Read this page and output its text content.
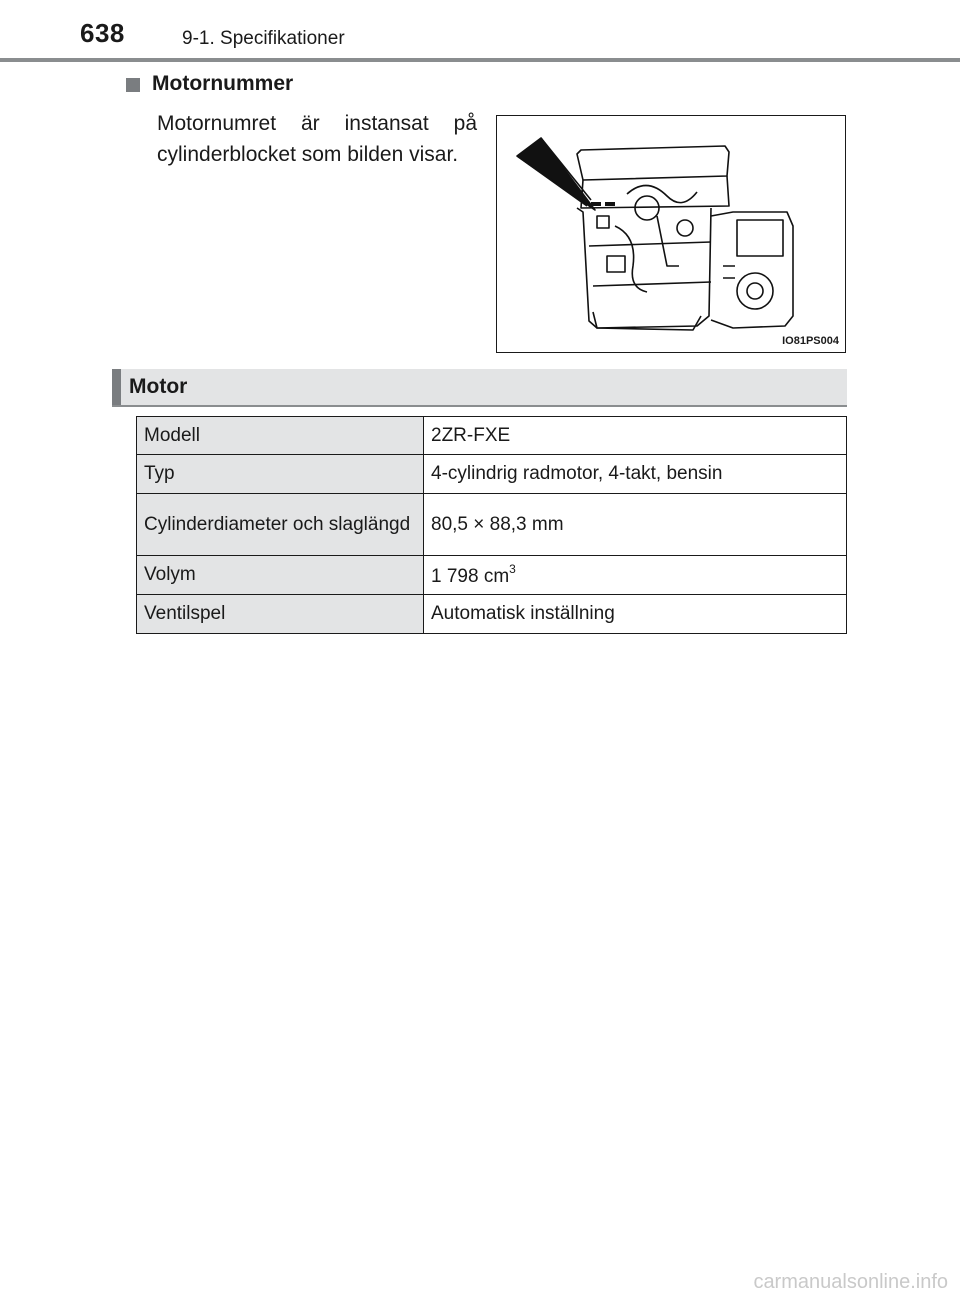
638	9-1. Specifikationer
Motornummer
Motornumret är instansat på cylinderblocket som bilden visar.
IO81PS004
Motor
Modell	2ZR-FXE
Typ	4-cylindrig radmotor, 4-takt, bensin
Cylinderdiameter och slaglängd	80,5 × 88,3 mm
Volym	1 798 $cm^3$
Ventilspel	Automatisk inställning
carmanualsonline.info
